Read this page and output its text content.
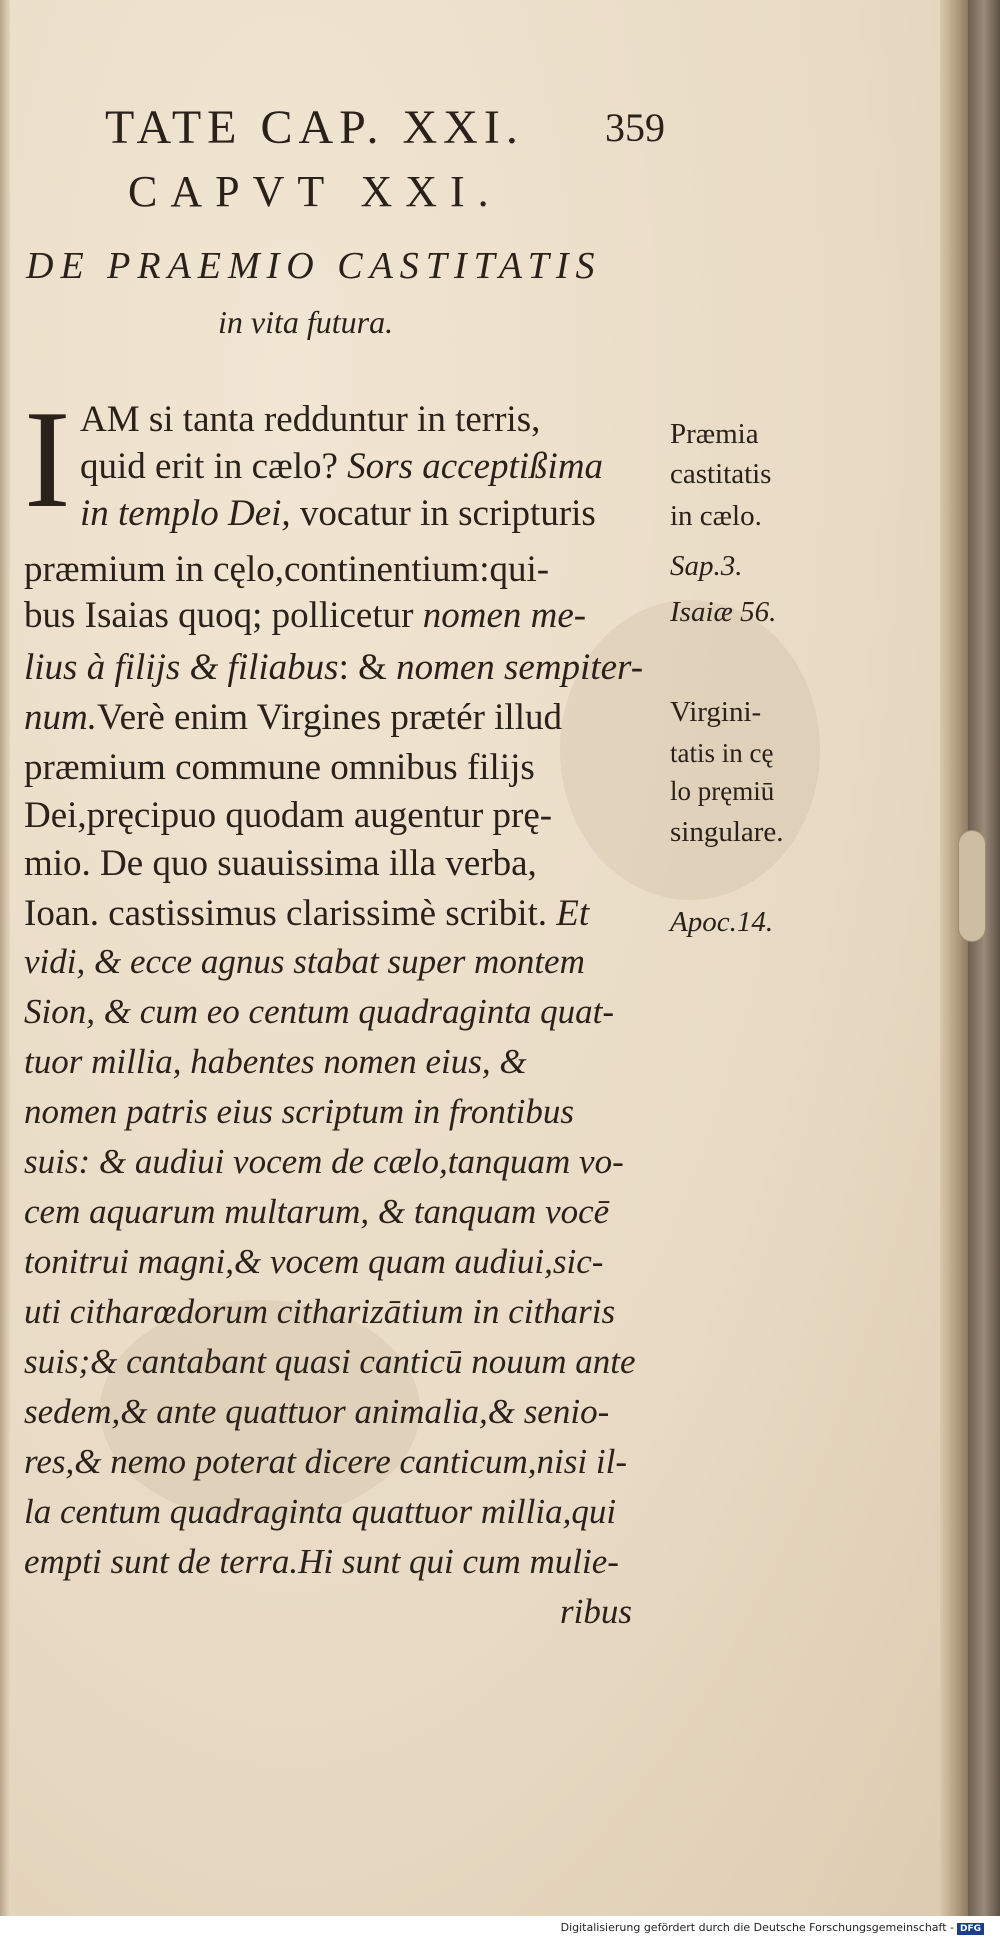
TATE CAP. XXI. 359
CAPVT XXI.
DE PRAEMIO CASTITATIS
in vita futura.
I AM si tanta redduntur in terris,
quid erit in cælo? Sors acceptißima
in templo Dei, vocatur in scripturis
præmium in cęlo,continentium:qui-
bus Isaias quoq; pollicetur nomen me-
lius à filijs & filiabus: & nomen sempiter-
num.Verè enim Virgines prætér illud
præmium commune omnibus filijs
Dei,pręcipuo quodam augentur prę-
mio. De quo suauissima illa verba,
Ioan. castissimus clarissimè scribit. Et
vidi, & ecce agnus stabat super montem
Sion, & cum eo centum quadraginta quat-
tuor millia, habentes nomen eius, &
nomen patris eius scriptum in frontibus
suis: & audiui vocem de cælo,tanquam vo-
cem aquarum multarum, & tanquam vocē
tonitrui magni,& vocem quam audiui,sic-
uti citharœdorum citharizātium in citharis
suis;& cantabant quasi canticū nouum ante
sedem,& ante quattuor animalia,& senio-
res,& nemo poterat dicere canticum,nisi il-
la centum quadraginta quattuor millia,qui
empti sunt de terra.Hi sunt qui cum mulie-
ribus
Præmia
castitatis
in cælo.
Sap.3.
Isaiæ 56.
Virgini-
tatis in cę
lo pręmiū
singulare.
Apoc.14.
Digitalisierung gefördert durch die Deutsche Forschungsgemeinschaft - DFG
